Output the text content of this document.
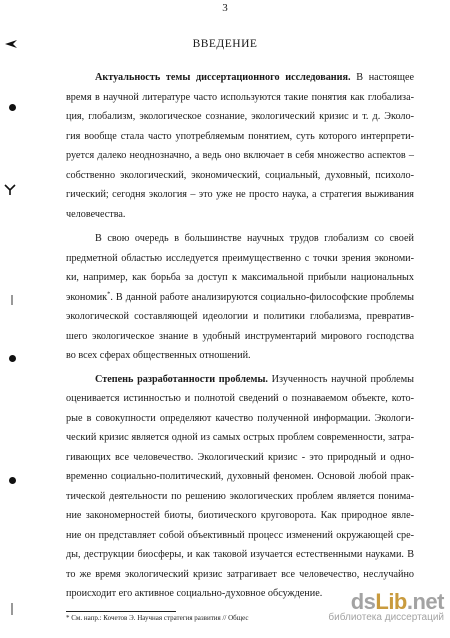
3
ВВЕДЕНИЕ
Актуальность темы диссертационного исследования. В настоящее
время в научной литературе часто используются такие понятия как глобализа-
ция, глобализм, экологическое сознание, экологический кризис и т. д. Эколо-
гия вообще стала часто употребляемым понятием, суть которого интерпрети-
руется далеко неоднозначно, а ведь оно включает в себя множество аспектов –
собственно экологический, экономический, социальный, духовный, психоло-
гический; сегодня экология – это уже не просто наука, а стратегия выживания
человечества.
В свою очередь в большинстве научных трудов глобализм со своей
предметной областью исследуется преимущественно с точки зрения экономи-
ки, например, как борьба за доступ к максимальной прибыли национальных
экономик*. В данной работе анализируются социально-философские проблемы
экологической составляющей идеологии и политики глобализма, превратив-
шего экологическое знание в удобный инструментарий мирового господства
во всех сферах общественных отношений.
Степень разработанности проблемы. Изученность научной проблемы
оценивается истинностью и полнотой сведений о познаваемом объекте, кото-
рые в совокупности определяют качество полученной информации. Экологи-
ческий кризис является одной из самых острых проблем современности, затра-
гивающих все человечество. Экологический кризис - это природный и одно-
временно социально-политический, духовный феномен. Основой любой прак-
тической деятельности по решению экологических проблем является понима-
ние закономерностей биоты, биотического круговорота. Как природное явле-
ние он представляет собой объективный процесс изменений окружающей сре-
ды, деструкции биосферы, и как таковой изучается естественными науками. В
то же время экологический кризис затрагивает все человечество, неслучайно
происходит его активное социально-духовное обсуждение.
* См. напр.: Кочетов Э. Научная стратегия развития // Общес
dsLib.net
библиотека диссертаций
